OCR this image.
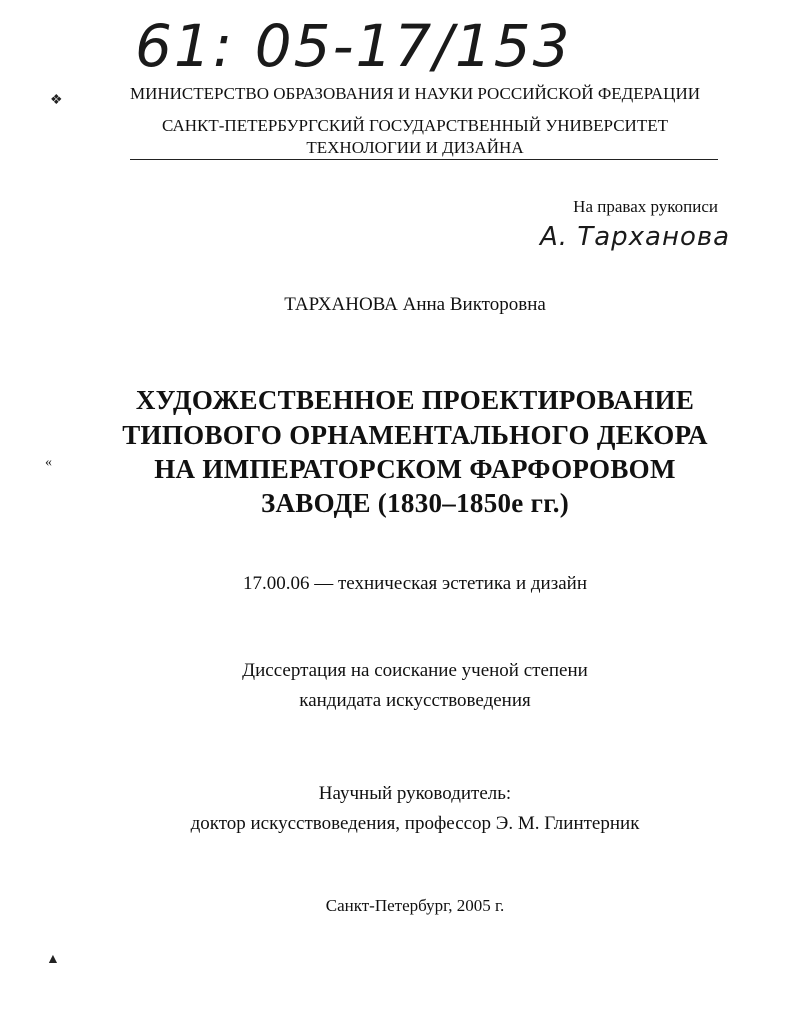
61: 05-17/153
❖
«
▲
МИНИСТЕРСТВО ОБРАЗОВАНИЯ И НАУКИ РОССИЙСКОЙ ФЕДЕРАЦИИ
САНКТ-ПЕТЕРБУРГСКИЙ ГОСУДАРСТВЕННЫЙ УНИВЕРСИТЕТ
ТЕХНОЛОГИИ И ДИЗАЙНА
На правах рукописи
А. Тарханова
ТАРХАНОВА Анна Викторовна
ХУДОЖЕСТВЕННОЕ ПРОЕКТИРОВАНИЕ
ТИПОВОГО ОРНАМЕНТАЛЬНОГО ДЕКОРА
НА ИМПЕРАТОРСКОМ ФАРФОРОВОМ
ЗАВОДЕ (1830–1850е гг.)
17.00.06 — техническая эстетика и дизайн
Диссертация на соискание ученой степени
кандидата искусствоведения
Научный руководитель:
доктор искусствоведения, профессор Э. М. Глинтерник
Санкт-Петербург, 2005 г.
